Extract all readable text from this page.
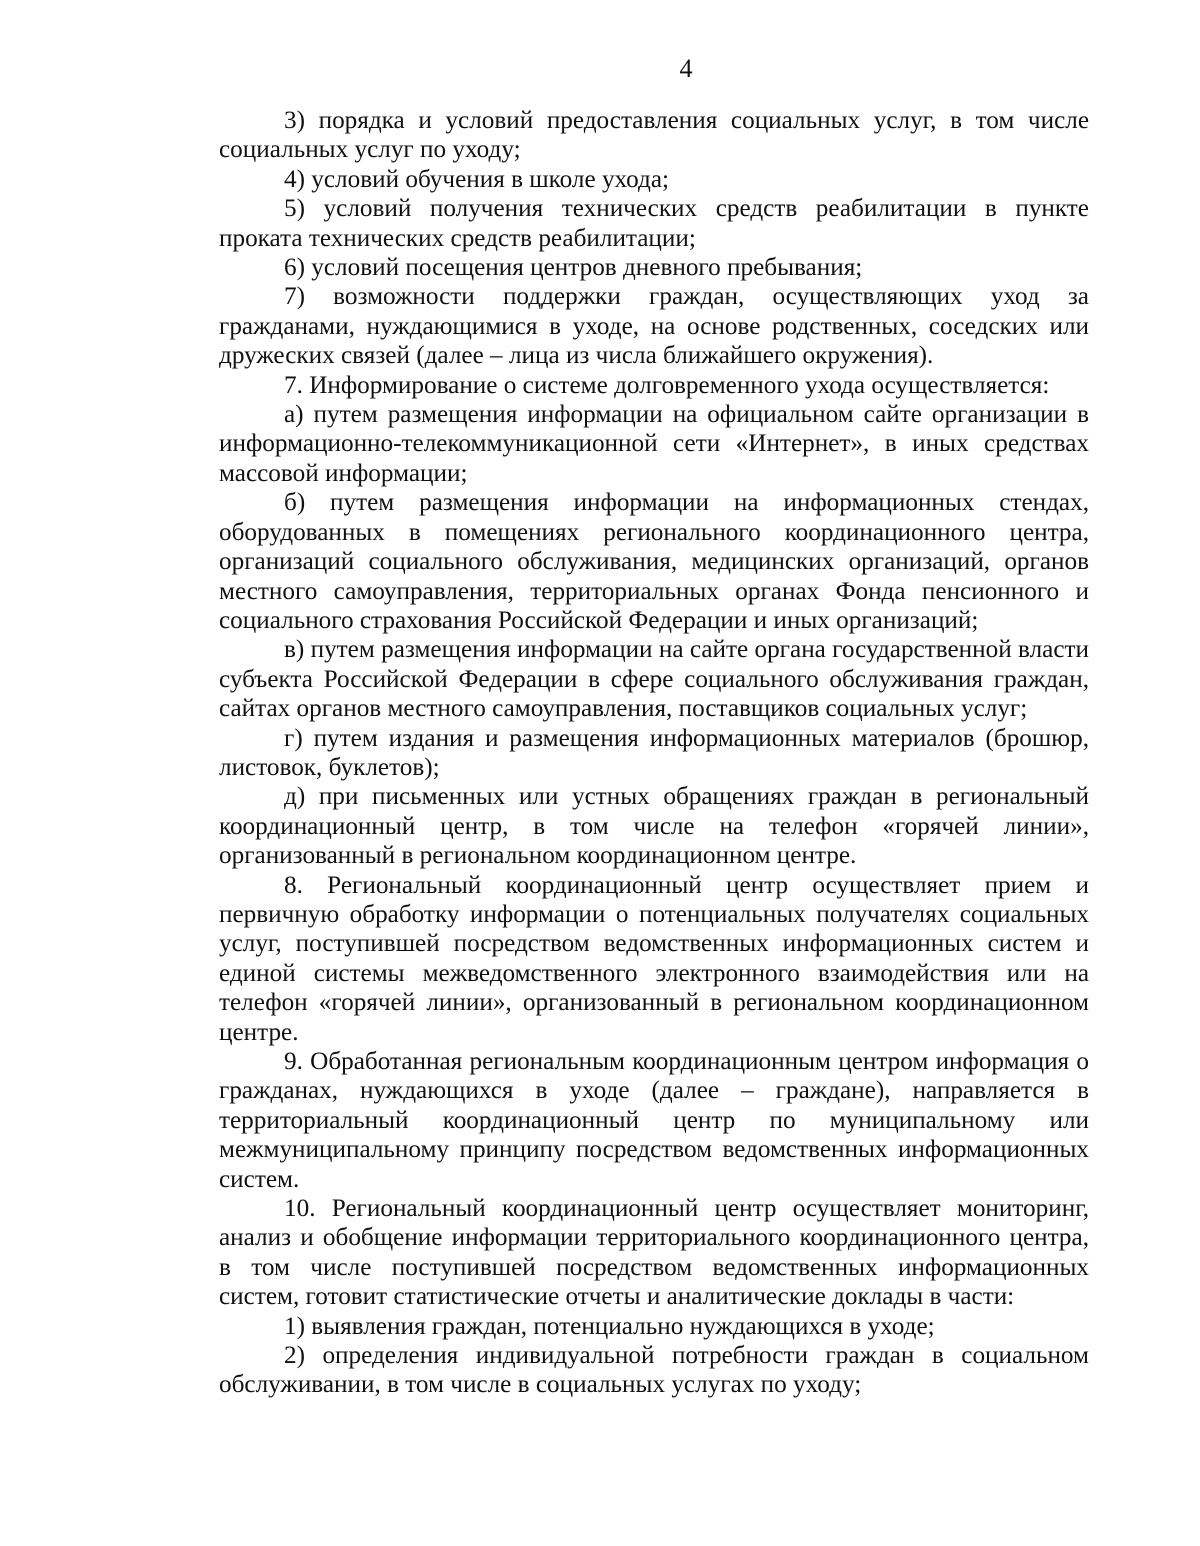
4

3) порядка и условий предоставления социальных услуг, в том числе социальных услуг по уходу;

4) условий обучения в школе ухода;

5) условий получения технических средств реабилитации в пункте проката технических средств реабилитации;

6) условий посещения центров дневного пребывания;

7) возможности поддержки граждан, осуществляющих уход за гражданами, нуждающимися в уходе, на основе родственных, соседских или дружеских связей (далее – лица из числа ближайшего окружения).

7. Информирование о системе долговременного ухода осуществляется:

а) путем размещения информации на официальном сайте организации в информационно-телекоммуникационной сети «Интернет», в иных средствах массовой информации;

б) путем размещения информации на информационных стендах, оборудованных в помещениях регионального координационного центра, организаций социального обслуживания, медицинских организаций, органов местного самоуправления, территориальных органах Фонда пенсионного и социального страхования Российской Федерации и иных организаций;

в) путем размещения информации на сайте органа государственной власти субъекта Российской Федерации в сфере социального обслуживания граждан, сайтах органов местного самоуправления, поставщиков социальных услуг;

г) путем издания и размещения информационных материалов (брошюр, листовок, буклетов);

д) при письменных или устных обращениях граждан в региональный координационный центр, в том числе на телефон «горячей линии», организованный в региональном координационном центре.

8. Региональный координационный центр осуществляет прием и первичную обработку информации о потенциальных получателях социальных услуг, поступившей посредством ведомственных информационных систем и единой системы межведомственного электронного взаимодействия или на телефон «горячей линии», организованный в региональном координационном центре.

9. Обработанная региональным координационным центром информация о гражданах, нуждающихся в уходе (далее – граждане), направляется в территориальный координационный центр по муниципальному или межмуниципальному принципу посредством ведомственных информационных систем.

10. Региональный координационный центр осуществляет мониторинг, анализ и обобщение информации территориального координационного центра, в том числе поступившей посредством ведомственных информационных систем, готовит статистические отчеты и аналитические доклады в части:

1) выявления граждан, потенциально нуждающихся в уходе;

2) определения индивидуальной потребности граждан в социальном обслуживании, в том числе в социальных услугах по уходу;
